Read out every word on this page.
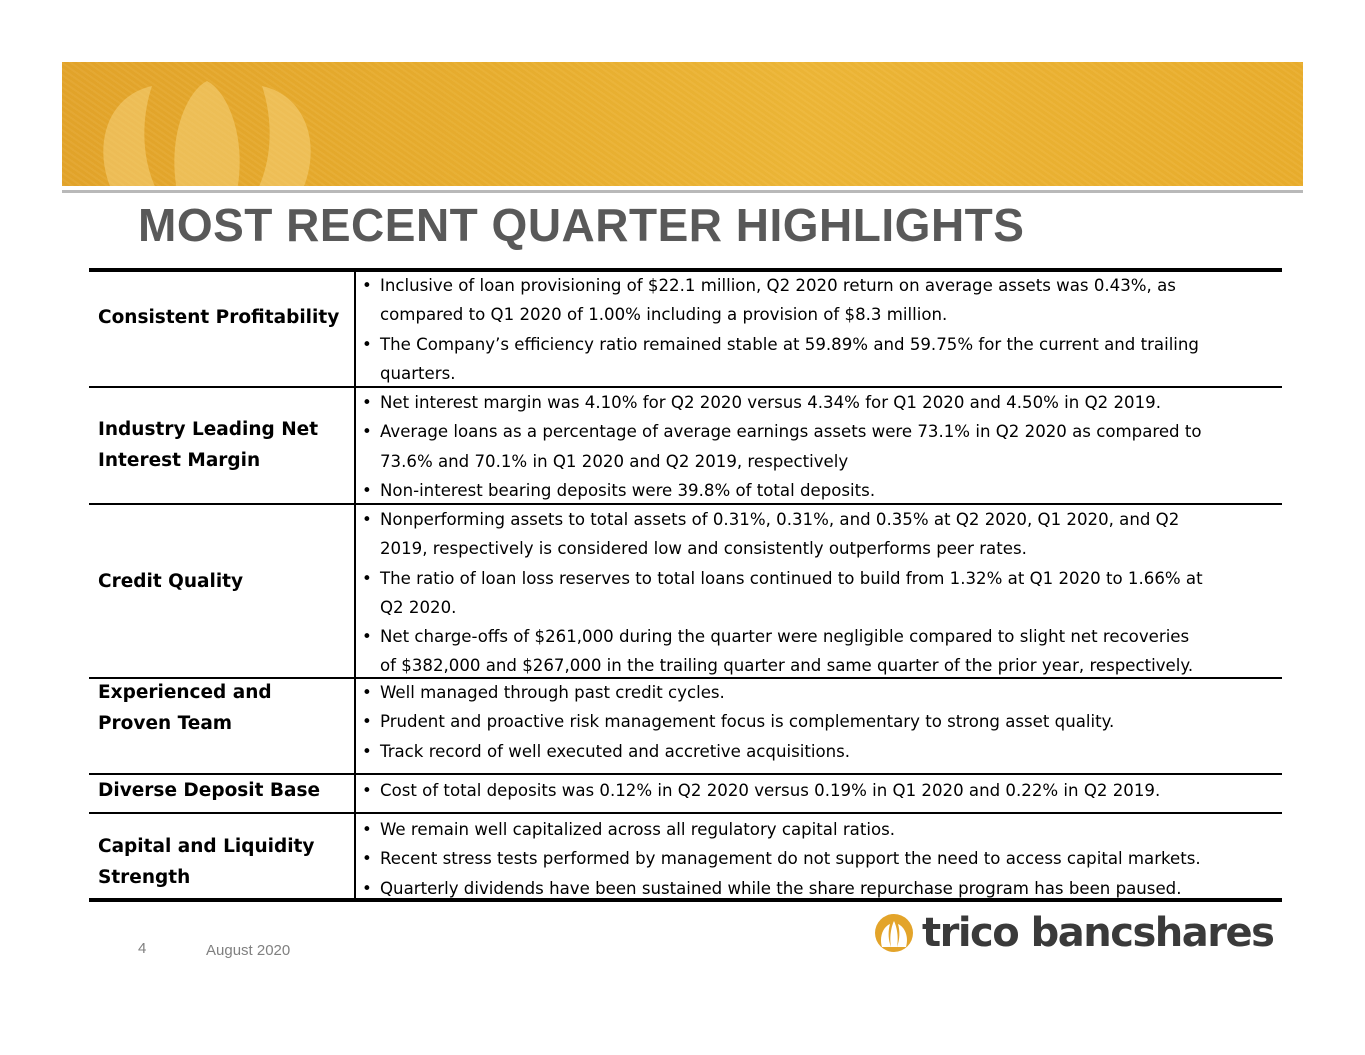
MOST RECENT QUARTER HIGHLIGHTS
Consistent Profitability
• Inclusive of loan provisioning of $22.1 million, Q2 2020 return on average assets was 0.43%, as
compared to Q1 2020 of 1.00% including a provision of $8.3 million.
• The Company’s efficiency ratio remained stable at 59.89% and 59.75% for the current and trailing
quarters.
Industry Leading Net Interest Margin
• Net interest margin was 4.10% for Q2 2020 versus 4.34% for Q1 2020 and 4.50% in Q2 2019.
• Average loans as a percentage of average earnings assets were 73.1% in Q2 2020 as compared to
73.6% and 70.1% in Q1 2020 and Q2 2019, respectively
• Non-interest bearing deposits were 39.8% of total deposits.
Credit Quality
• Nonperforming assets to total assets of 0.31%, 0.31%, and 0.35% at Q2 2020, Q1 2020, and Q2
2019, respectively is considered low and consistently outperforms peer rates.
• The ratio of loan loss reserves to total loans continued to build from 1.32% at Q1 2020 to 1.66% at
Q2 2020.
• Net charge-offs of $261,000 during the quarter were negligible compared to slight net recoveries
of $382,000 and $267,000 in the trailing quarter and same quarter of the prior year, respectively.
Experienced and Proven Team
• Well managed through past credit cycles.
• Prudent and proactive risk management focus is complementary to strong asset quality.
• Track record of well executed and accretive acquisitions.
Diverse Deposit Base	• Cost of total deposits was 0.12% in Q2 2020 versus 0.19% in Q1 2020 and 0.22% in Q2 2019.
Capital and Liquidity Strength
• We remain well capitalized across all regulatory capital ratios.
• Recent stress tests performed by management do not support the need to access capital markets.
• Quarterly dividends have been sustained while the share repurchase program has been paused.
4	August 2020	trico bancshares
